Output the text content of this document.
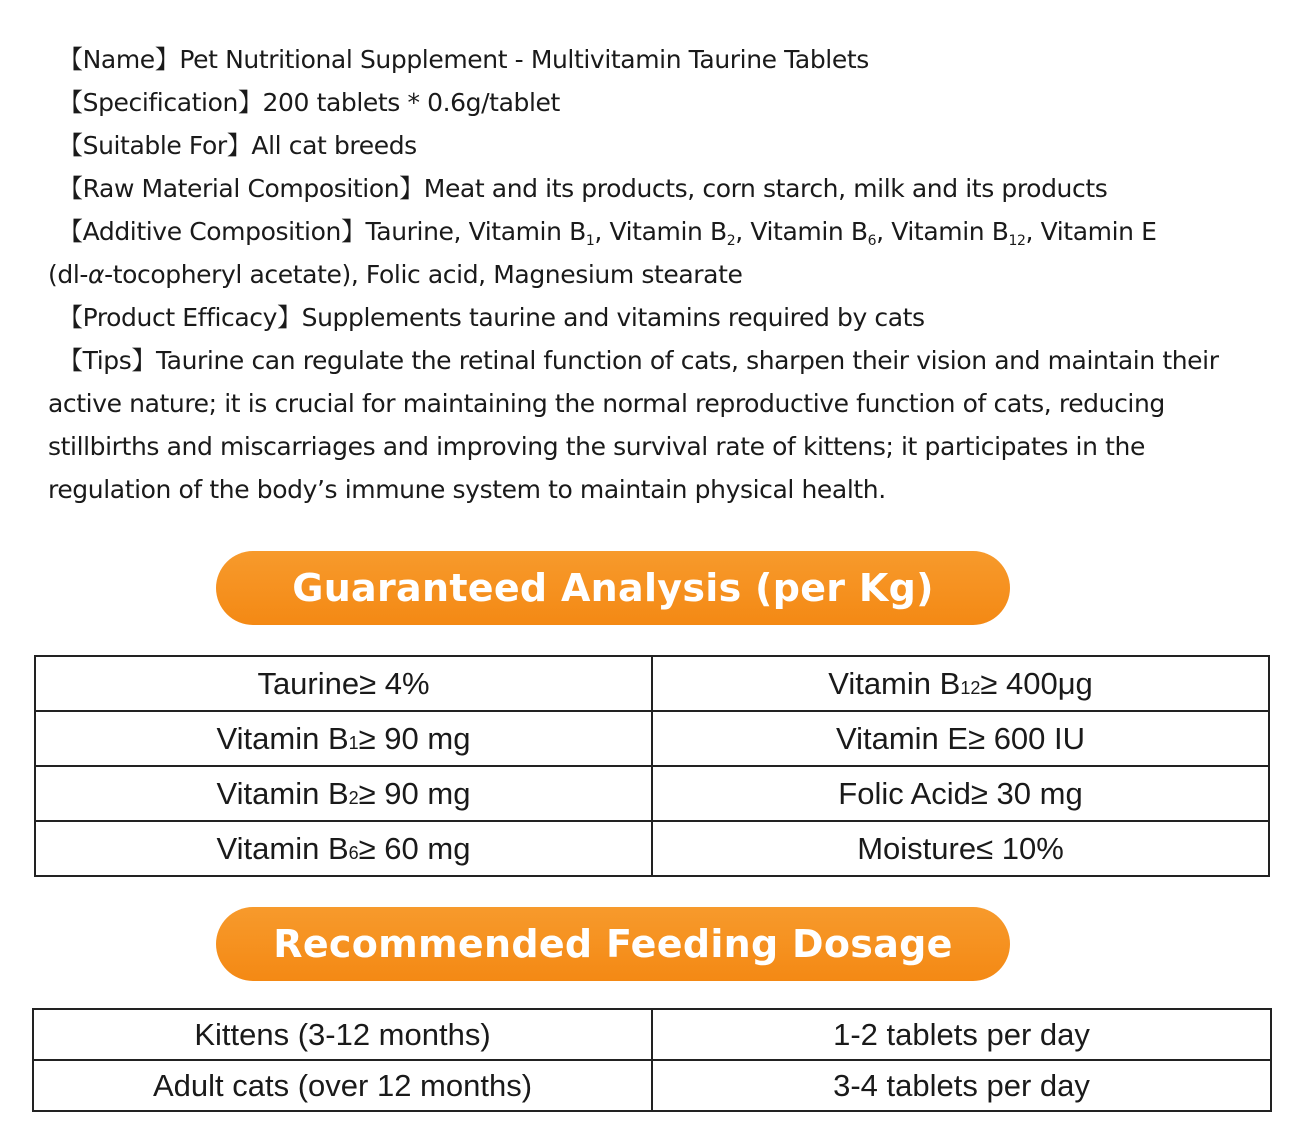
【Name】Pet Nutritional Supplement - Multivitamin Taurine Tablets
【Specification】200 tablets * 0.6g/tablet
【Suitable For】All cat breeds
【Raw Material Composition】Meat and its products, corn starch, milk and its products
【Additive Composition】Taurine, Vitamin $B_1$, Vitamin $B_2$, Vitamin $B_6$, Vitamin $B_{12}$, Vitamin E
(dl-α-tocopheryl acetate), Folic acid, Magnesium stearate
【Product Efficacy】Supplements taurine and vitamins required by cats
【Tips】Taurine can regulate the retinal function of cats, sharpen their vision and maintain their active nature; it is crucial for maintaining the normal reproductive function of cats, reducing stillbirths and miscarriages and improving the survival rate of kittens; it participates in the regulation of the body’s immune system to maintain physical health.
Guaranteed Analysis (per Kg)
Taurine≥ 4%	Vitamin B12≥ 400μg
Vitamin B1≥ 90 mg	Vitamin E≥ 600 IU
Vitamin B2≥ 90 mg	Folic Acid≥ 30 mg
Vitamin B6≥ 60 mg	Moisture≤ 10%
Recommended Feeding Dosage
Kittens (3-12 months)	1-2 tablets per day
Adult cats (over 12 months)	3-4 tablets per day
